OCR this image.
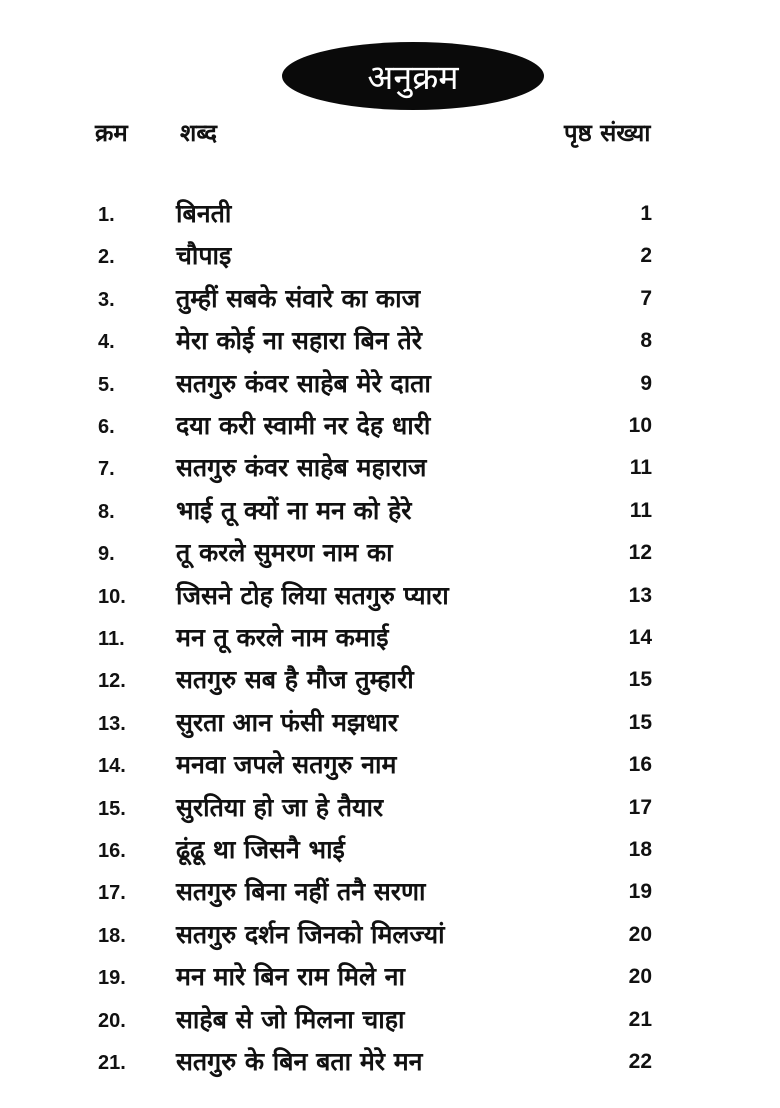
अनुक्रम
क्रम शब्द	पृष्ठ संख्या
1. बिनती	1
2. चौपाइ	2
3. तुम्हीं सबके संवारे का काज	7
4. मेरा कोई ना सहारा बिन तेरे	8
5. सतगुरु कंवर साहेब मेरे दाता	9
6. दया करी स्वामी नर देह धारी	10
7. सतगुरु कंवर साहेब महाराज	11
8. भाई तू क्यों ना मन को हेरे	11
9. तू करले सुमरण नाम का	12
10. जिसने टोह लिया सतगुरु प्यारा	13
11. मन तू करले नाम कमाई	14
12. सतगुरु सब है मौज तुम्हारी	15
13. सुरता आन फंसी मझधार	15
14. मनवा जपले सतगुरु नाम	16
15. सुरतिया हो जा हे तैयार	17
16. ढूंढू था जिसनै भाई	18
17. सतगुरु बिना नहीं तनै सरणा	19
18. सतगुरु दर्शन जिनको मिलज्यां	20
19. मन मारे बिन राम मिले ना	20
20. साहेब से जो मिलना चाहा	21
21. सतगुरु के बिन बता मेरे मन	22
